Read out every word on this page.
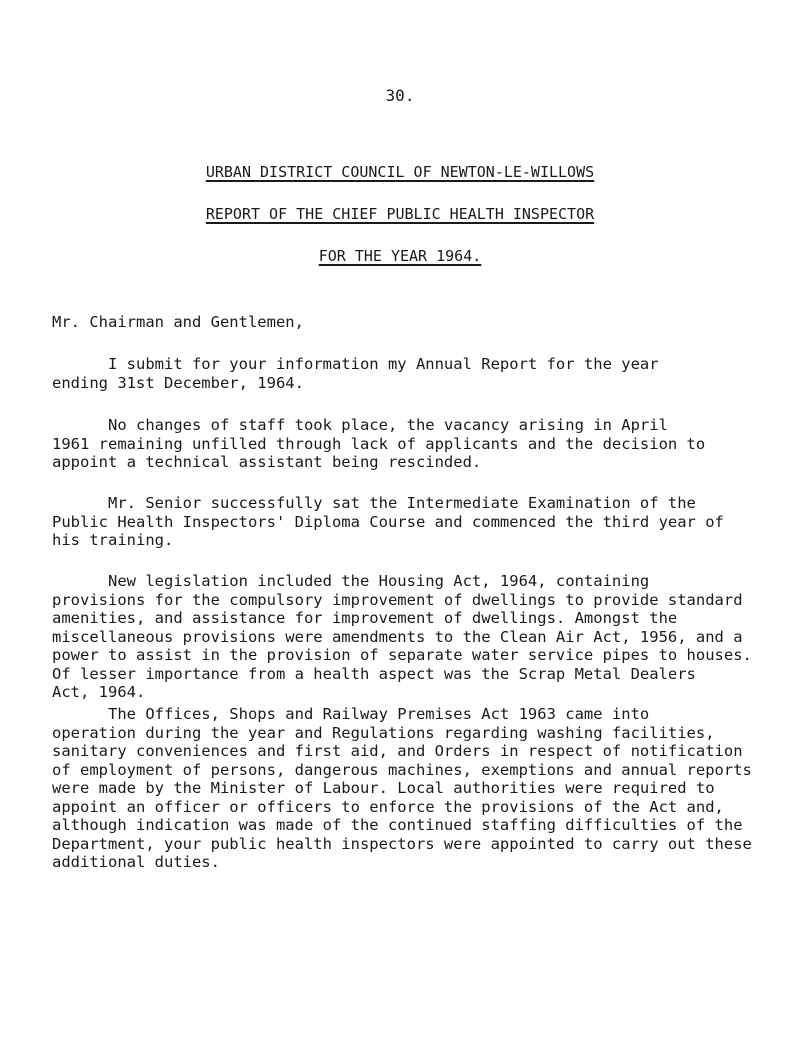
30.
URBAN DISTRICT COUNCIL OF NEWTON-LE-WILLOWS
REPORT OF THE CHIEF PUBLIC HEALTH INSPECTOR
FOR THE YEAR 1964.
Mr. Chairman and Gentlemen,

I submit for your information my Annual Report for the year
ending 31st December, 1964.

No changes of staff took place, the vacancy arising in April
1961 remaining unfilled through lack of applicants and the decision to
appoint a technical assistant being rescinded.

Mr. Senior successfully sat the Intermediate Examination of the
Public Health Inspectors' Diploma Course and commenced the third year of
his training.

New legislation included the Housing Act, 1964, containing
provisions for the compulsory improvement of dwellings to provide standard
amenities, and assistance for improvement of dwellings. Amongst the
miscellaneous provisions were amendments to the Clean Air Act, 1956, and a
power to assist in the provision of separate water service pipes to houses.
Of lesser importance from a health aspect was the Scrap Metal Dealers
Act, 1964.

The Offices, Shops and Railway Premises Act 1963 came into
operation during the year and Regulations regarding washing facilities,
sanitary conveniences and first aid, and Orders in respect of notification
of employment of persons, dangerous machines, exemptions and annual reports
were made by the Minister of Labour. Local authorities were required to
appoint an officer or officers to enforce the provisions of the Act and,
although indication was made of the continued staffing difficulties of the
Department, your public health inspectors were appointed to carry out these
additional duties.
